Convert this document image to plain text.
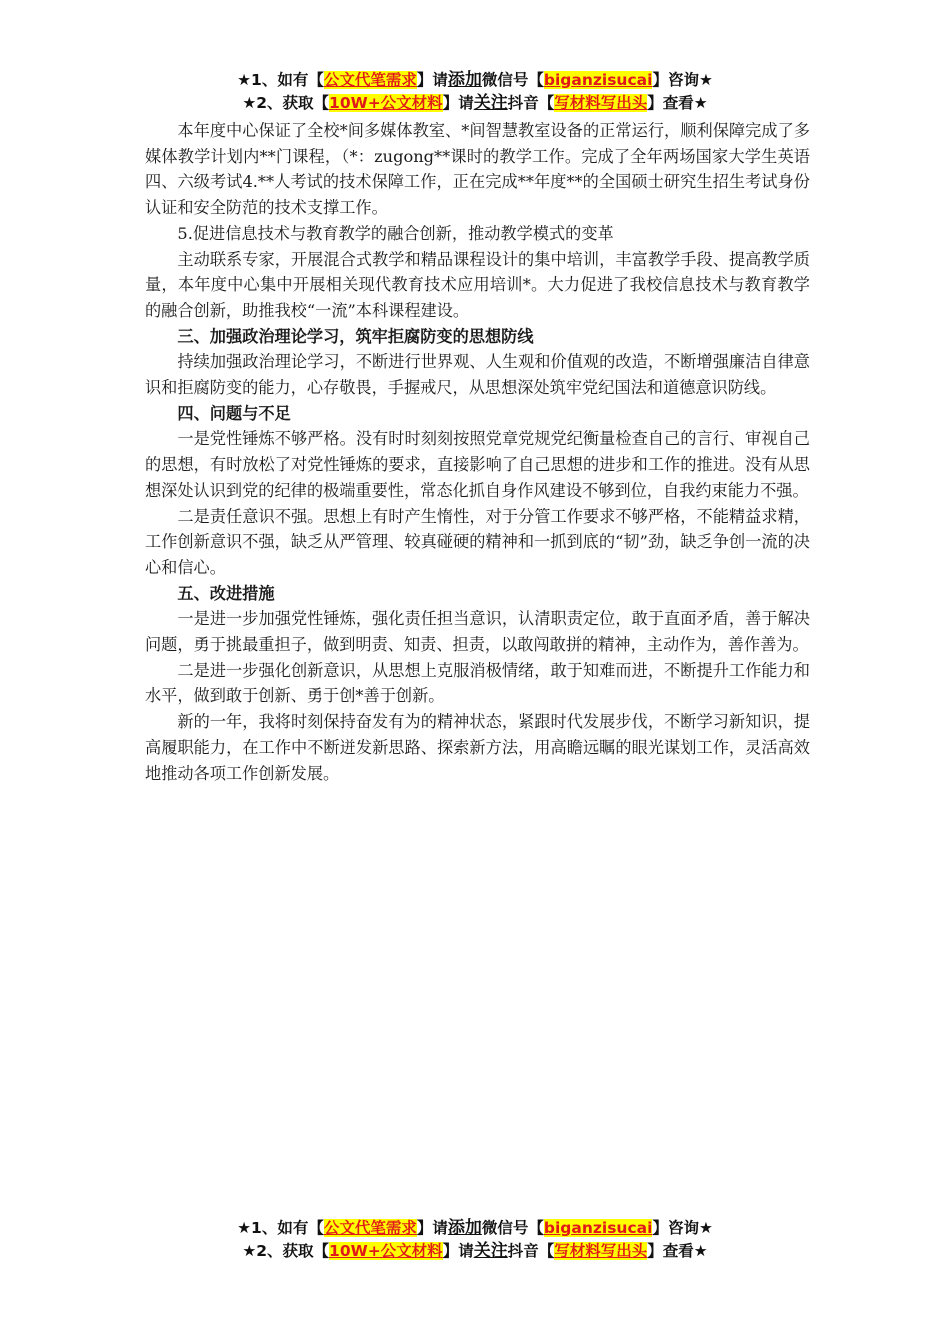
★1、如有【公文代笔需求】请添加微信号【biganzisucai】咨询★
★2、获取【10W+公文材料】请关注抖音【写材料写出头】查看★

本年度中心保证了全校*间多媒体教室、*间智慧教室设备的正常运行，顺利保障完成了多媒体教学计划内**门课程，（*：zugong**课时的教学工作。完成了全年两场国家大学生英语四、六级考试4.**人考试的技术保障工作，正在完成**年度**的全国硕士研究生招生考试身份认证和安全防范的技术支撑工作。

5.促进信息技术与教育教学的融合创新，推动教学模式的变革

主动联系专家，开展混合式教学和精品课程设计的集中培训，丰富教学手段、提高教学质量，本年度中心集中开展相关现代教育技术应用培训*。大力促进了我校信息技术与教育教学的融合创新，助推我校“一流”本科课程建设。

三、加强政治理论学习，筑牢拒腐防变的思想防线

持续加强政治理论学习，不断进行世界观、人生观和价值观的改造，不断增强廉洁自律意识和拒腐防变的能力，心存敬畏，手握戒尺，从思想深处筑牢党纪国法和道德意识防线。

四、问题与不足

一是党性锤炼不够严格。没有时时刻刻按照党章党规党纪衡量检查自己的言行、审视自己的思想，有时放松了对党性锤炼的要求，直接影响了自己思想的进步和工作的推进。没有从思想深处认识到党的纪律的极端重要性，常态化抓自身作风建设不够到位，自我约束能力不强。

二是责任意识不强。思想上有时产生惰性，对于分管工作要求不够严格，不能精益求精，工作创新意识不强，缺乏从严管理、较真碰硬的精神和一抓到底的“韧”劲，缺乏争创一流的决心和信心。

五、改进措施

一是进一步加强党性锤炼，强化责任担当意识，认清职责定位，敢于直面矛盾，善于解决问题，勇于挑最重担子，做到明责、知责、担责，以敢闯敢拼的精神，主动作为，善作善为。

二是进一步强化创新意识，从思想上克服消极情绪，敢于知难而进，不断提升工作能力和水平，做到敢于创新、勇于创*善于创新。

新的一年，我将时刻保持奋发有为的精神状态，紧跟时代发展步伐，不断学习新知识，提高履职能力，在工作中不断迸发新思路、探索新方法，用高瞻远瞩的眼光谋划工作，灵活高效地推动各项工作创新发展。

★1、如有【公文代笔需求】请添加微信号【biganzisucai】咨询★
★2、获取【10W+公文材料】请关注抖音【写材料写出头】查看★
